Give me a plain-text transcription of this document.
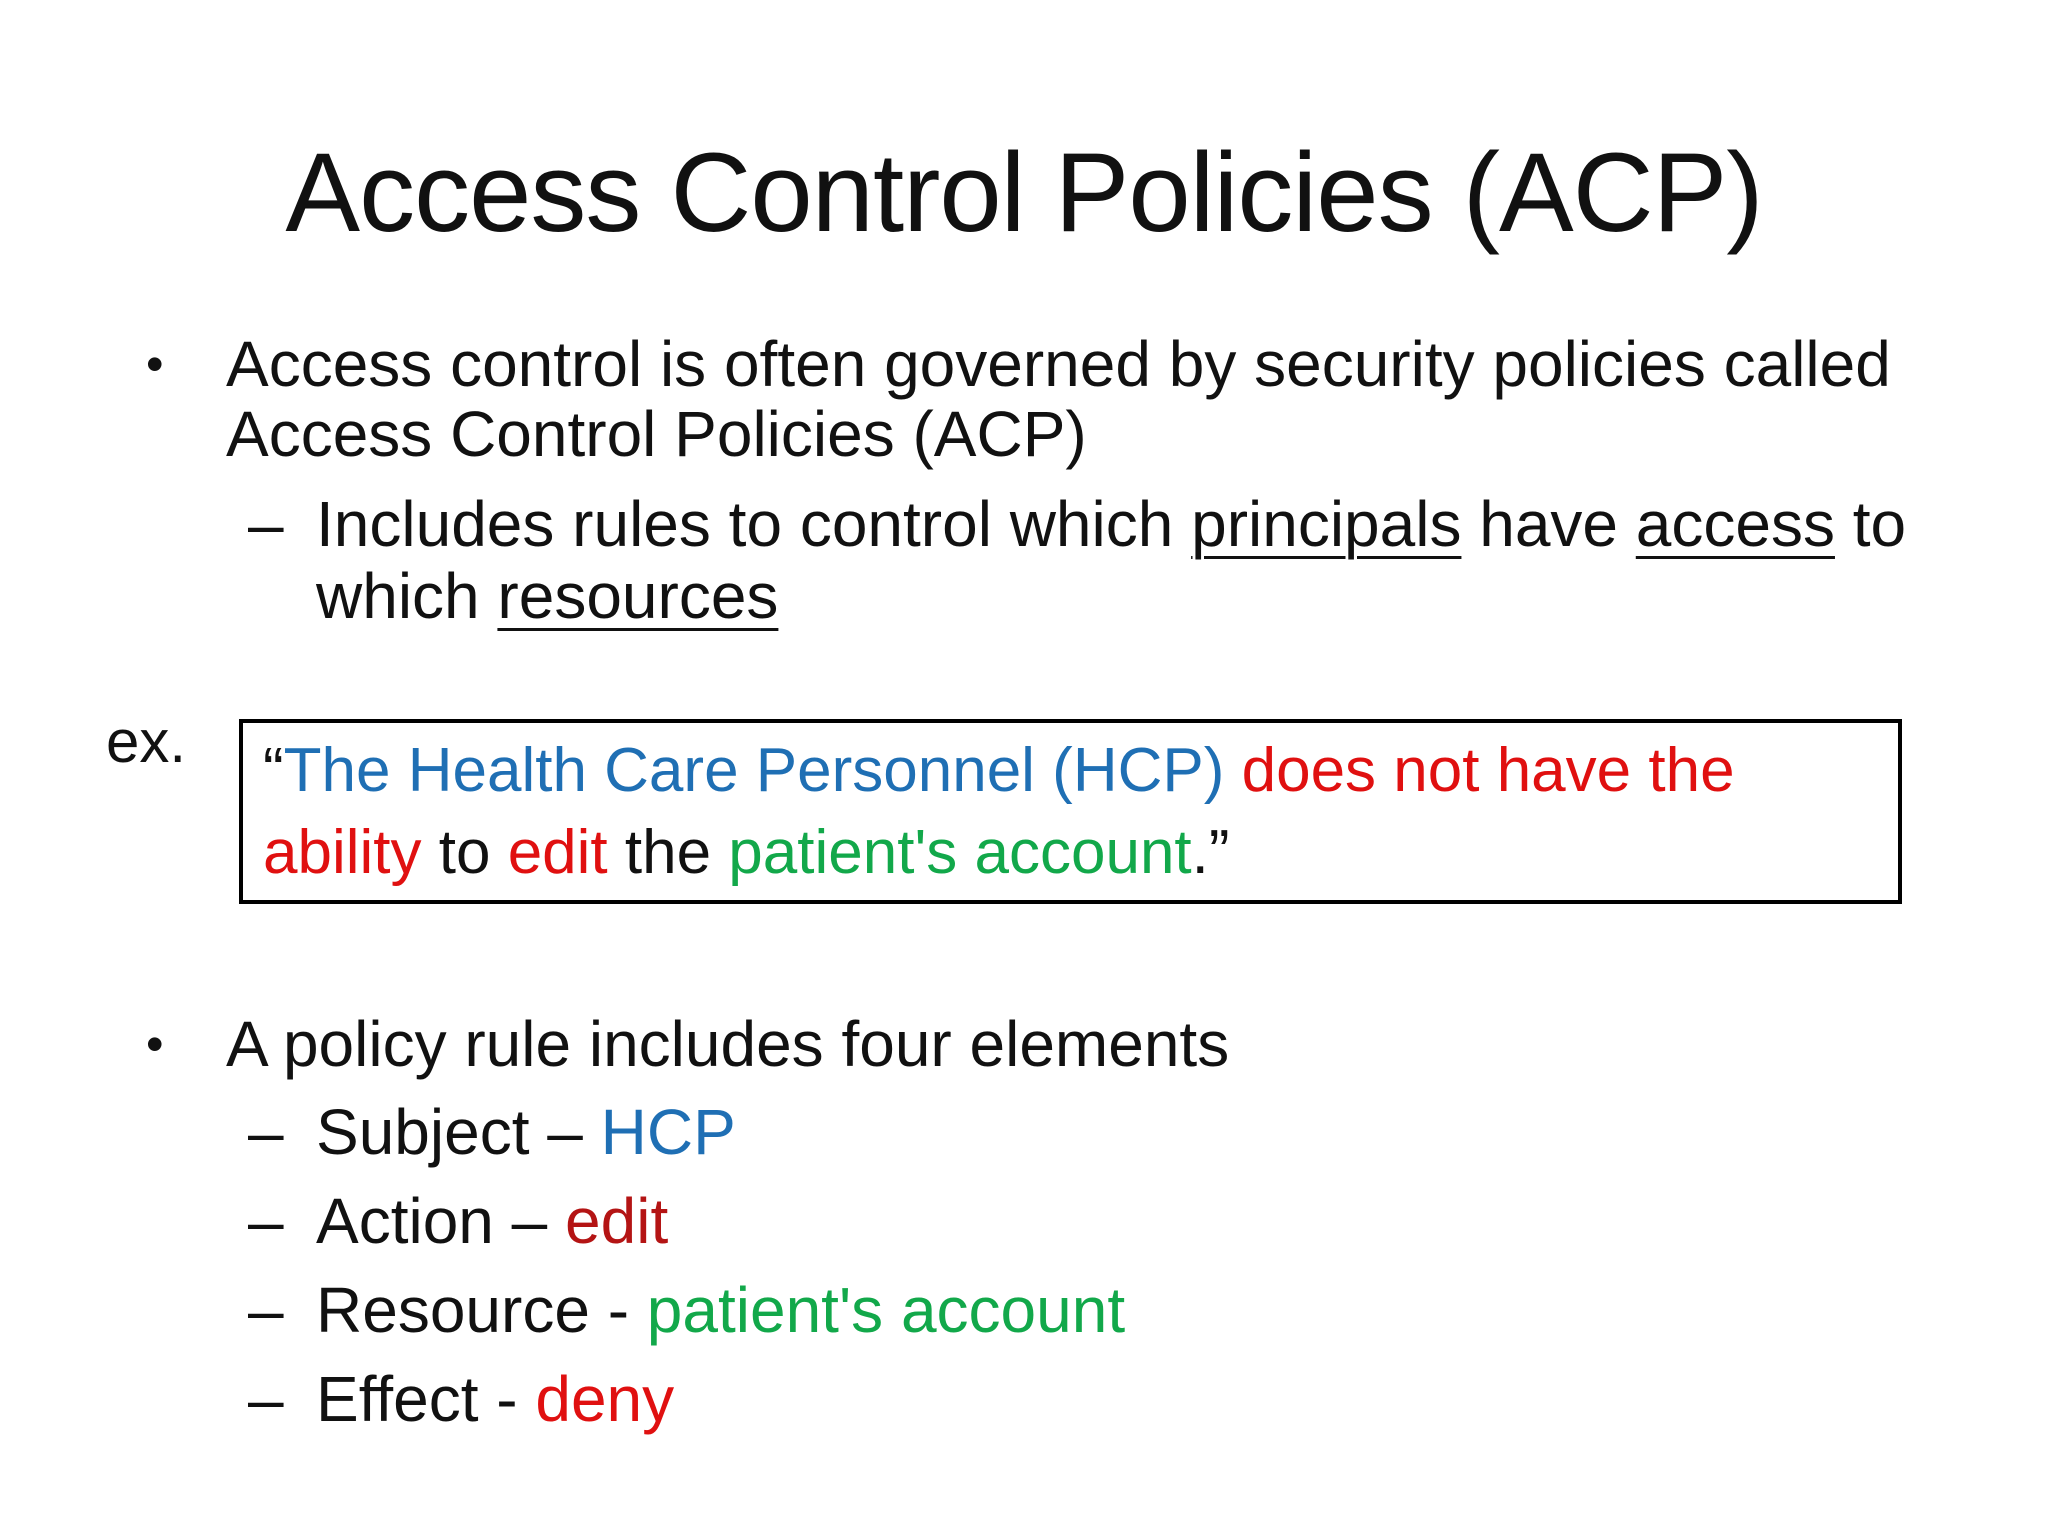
Access Control Policies (ACP)
• Access control is often governed by security policies called
Access Control Policies (ACP)
– Includes rules to control which principals have access to
which resources
ex. “The Health Care Personnel (HCP) does not have the
ability to edit the patient's account.”
• A policy rule includes four elements
– Subject – HCP
– Action – edit
– Resource - patient's account
– Effect - deny
